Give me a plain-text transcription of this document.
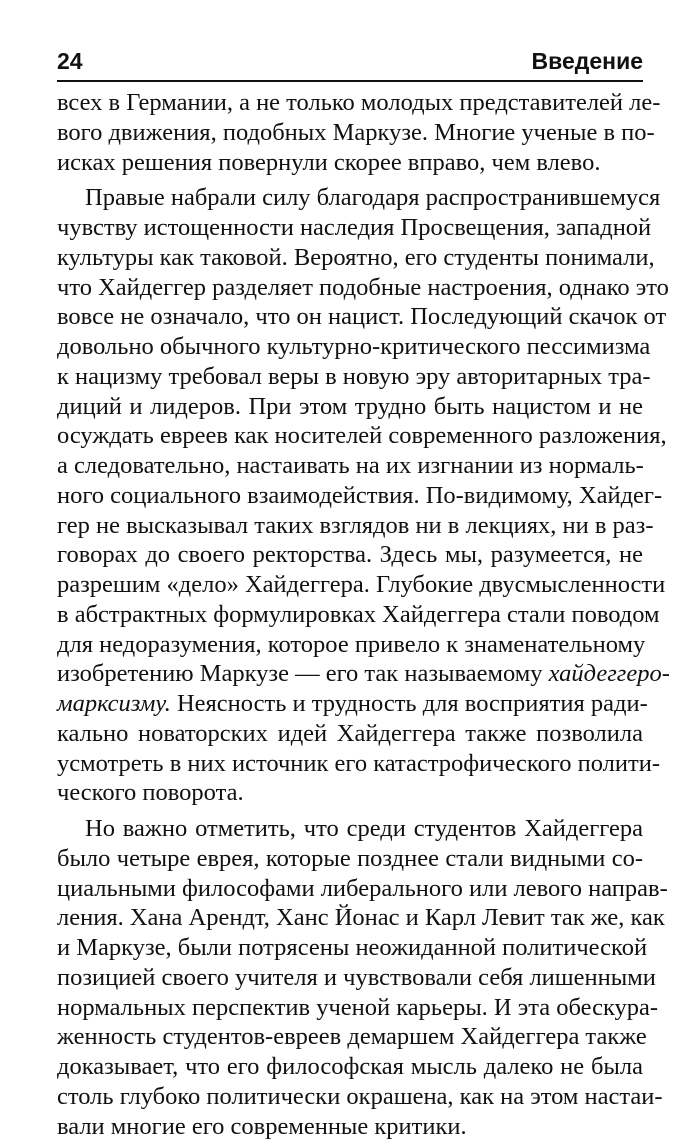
24	Введение
всех в Германии, а не только молодых представителей ле-
вого движения, подобных Маркузе. Многие ученые в по-
исках решения повернули скорее вправо, чем влево.
Правые набрали силу благодаря распространившемуся
чувству истощенности наследия Просвещения, западной
культуры как таковой. Вероятно, его студенты понимали,
что Хайдеггер разделяет подобные настроения, однако это
вовсе не означало, что он нацист. Последующий скачок от
довольно обычного культурно-критического пессимизма
к нацизму требовал веры в новую эру авторитарных тра-
диций и лидеров. При этом трудно быть нацистом и не
осуждать евреев как носителей современного разложения,
а следовательно, настаивать на их изгнании из нормаль-
ного социального взаимодействия. По-видимому, Хайдег-
гер не высказывал таких взглядов ни в лекциях, ни в раз-
говорах до своего ректорства. Здесь мы, разумеется, не
разрешим «дело» Хайдеггера. Глубокие двусмысленности
в абстрактных формулировках Хайдеггера стали поводом
для недоразумения, которое привело к знаменательному
изобретению Маркузе — его так называемому хайдеггеро-
марксизму. Неясность и трудность для восприятия ради-
кально новаторских идей Хайдеггера также позволила
усмотреть в них источник его катастрофического полити-
ческого поворота.
Но важно отметить, что среди студентов Хайдеггера
было четыре еврея, которые позднее стали видными со-
циальными философами либерального или левого направ-
ления. Хана Арендт, Ханс Йонас и Карл Левит так же, как
и Маркузе, были потрясены неожиданной политической
позицией своего учителя и чувствовали себя лишенными
нормальных перспектив ученой карьеры. И эта обескура-
женность студентов-евреев демаршем Хайдеггера также
доказывает, что его философская мысль далеко не была
столь глубоко политически окрашена, как на этом настаи-
вали многие его современные критики.
